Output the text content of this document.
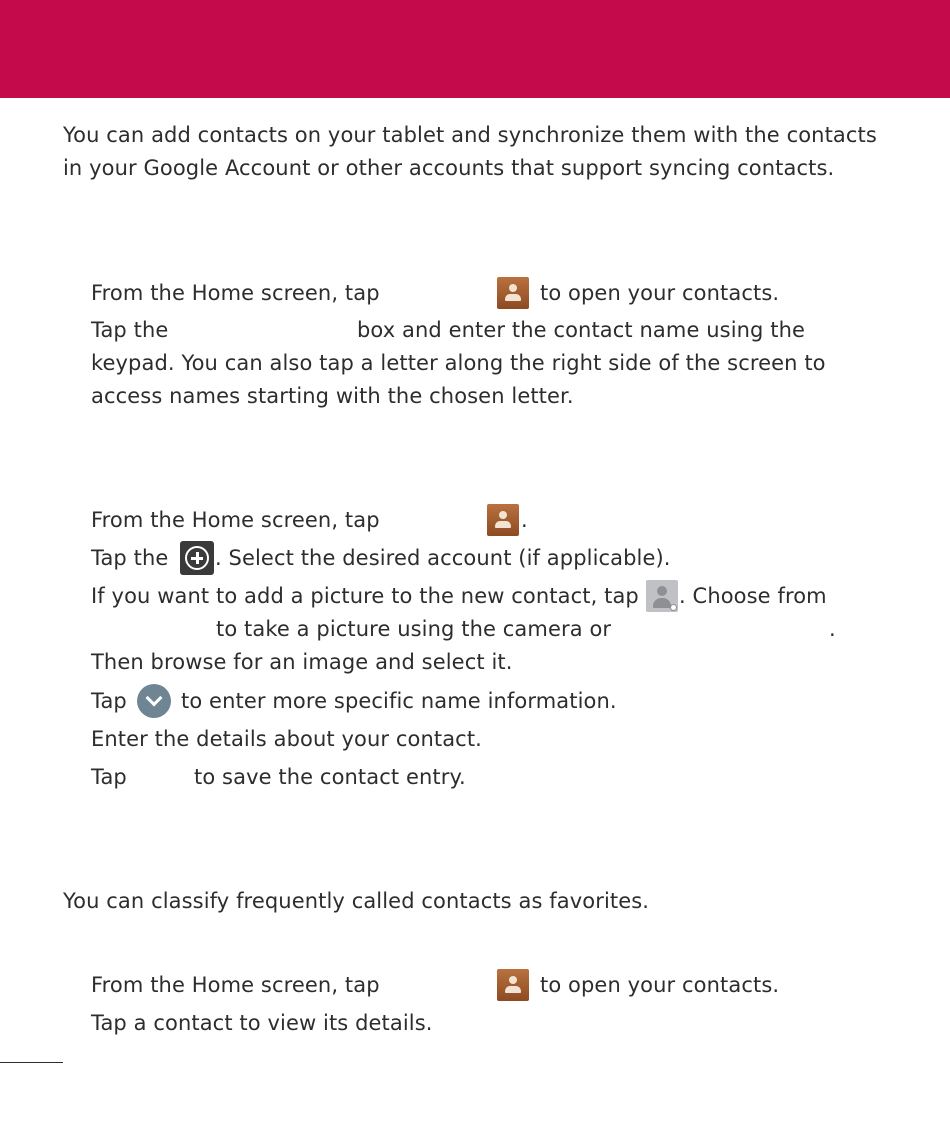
You can add contacts on your tablet and synchronize them with the contacts
in your Google Account or other accounts that support syncing contacts.
From the Home screen, tap	to open your contacts.
Tap the	box and enter the contact name using the
keypad. You can also tap a letter along the right side of the screen to
access names starting with the chosen letter.
From the Home screen, tap	.
Tap the . Select the desired account (if applicable).
If you want to add a picture to the new contact, tap . Choose from
to take a picture using the camera or	.
Then browse for an image and select it.
Tap	to enter more specific name information.
Enter the details about your contact.
Tap	to save the contact entry.
You can classify frequently called contacts as favorites.
From the Home screen, tap	to open your contacts.
Tap a contact to view its details.
